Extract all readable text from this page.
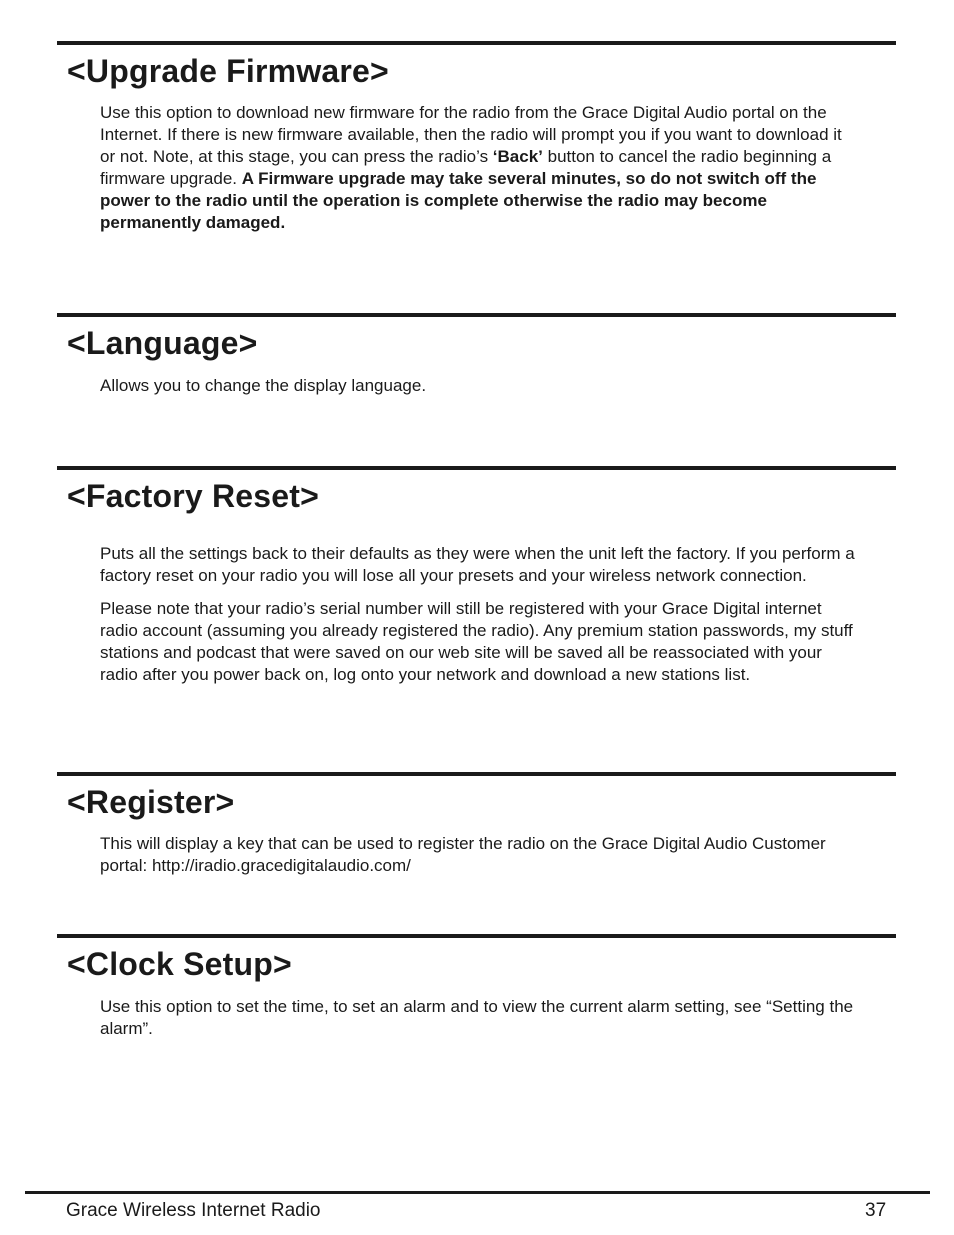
<Upgrade Firmware>

Use this option to download new firmware for the radio from the Grace Digital Audio portal on the Internet. If there is new firmware available, then the radio will prompt you if you want to download it or not. Note, at this stage, you can press the radio’s ‘Back’ button to cancel the radio beginning a firmware upgrade. A Firmware upgrade may take several minutes, so do not switch off the power to the radio until the operation is complete otherwise the radio may become permanently damaged.

<Language>

Allows you to change the display language.

<Factory Reset>

Puts all the settings back to their defaults as they were when the unit left the factory. If you perform a factory reset on your radio you will lose all your presets and your wireless network connection.

Please note that your radio’s serial number will still be registered with your Grace Digital internet radio account (assuming you already registered the radio). Any premium station passwords, my stuff stations and podcast that were saved on our web site will be saved all be reassociated with your radio after you power back on, log onto your network and download a new stations list.

<Register>

This will display a key that can be used to register the radio on the Grace Digital Audio Customer portal: http://iradio.gracedigitalaudio.com/

<Clock Setup>

Use this option to set the time, to set an alarm and to view the current alarm setting, see “Setting the alarm”.

Grace Wireless Internet Radio	37
